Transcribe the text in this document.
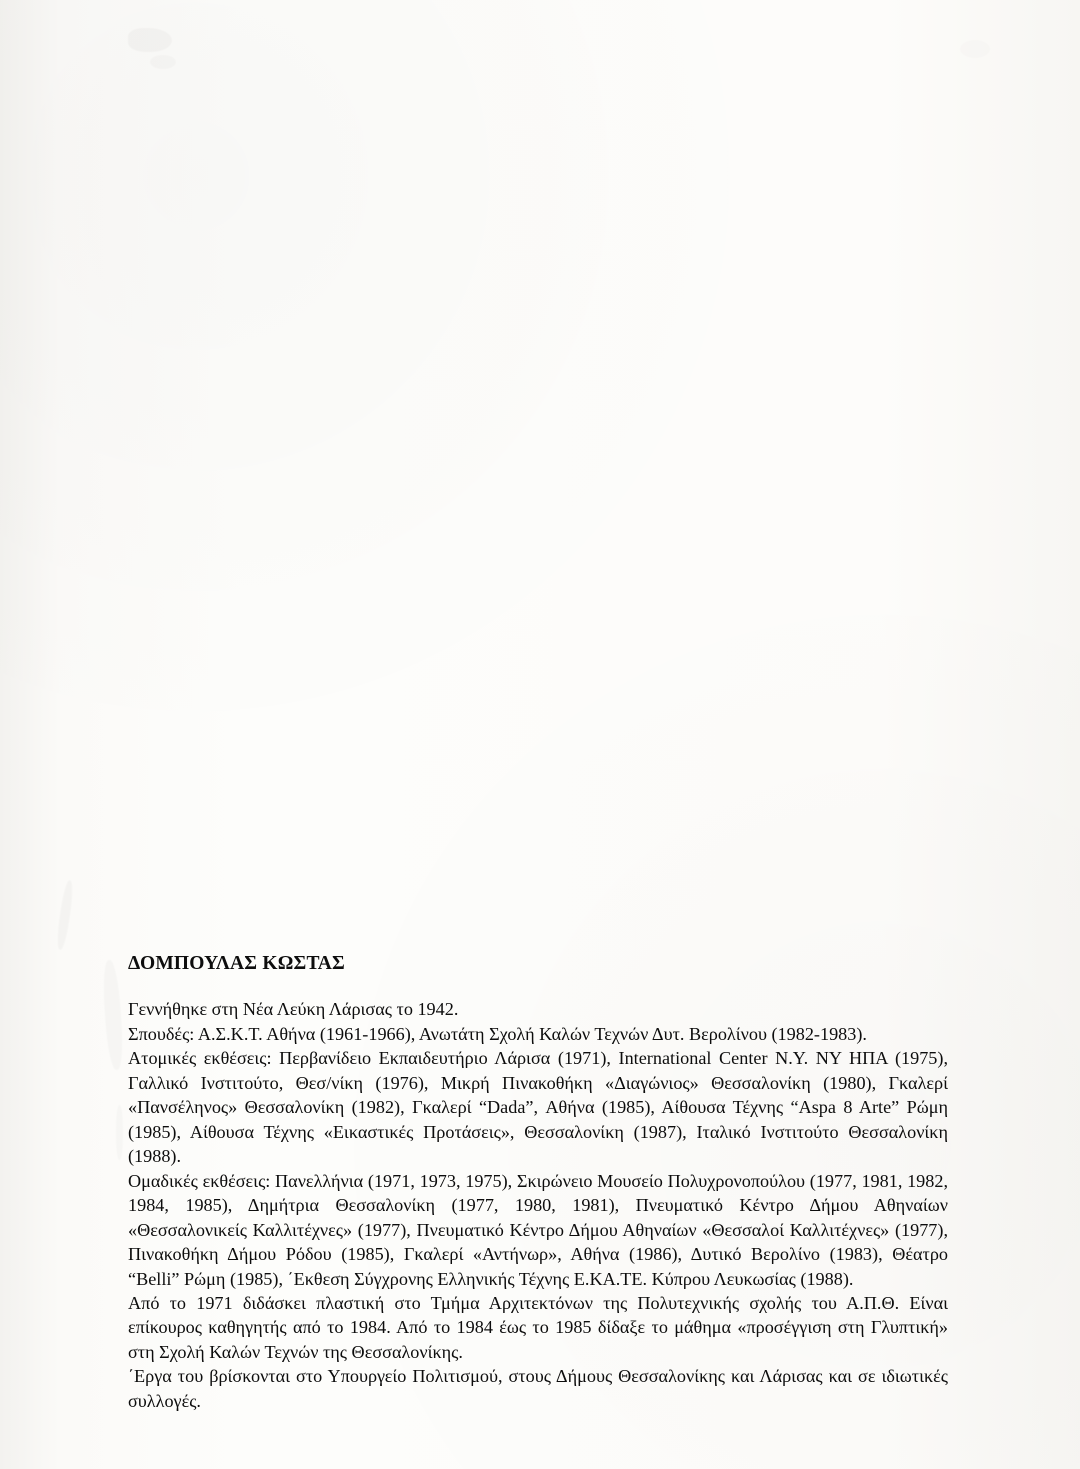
ΔΟΜΠΟΥΛΑΣ ΚΩΣΤΑΣ

Γεννήθηκε στη Νέα Λεύκη Λάρισας το 1942.

Σπουδές: Α.Σ.Κ.Τ. Αθήνα (1961-1966), Ανωτάτη Σχολή Καλών Τεχνών Δυτ. Βερολίνου (1982-1983).

Ατομικές εκθέσεις: Περβανίδειο Εκπαιδευτήριο Λάρισα (1971), International Center N.Y. ΝΥ ΗΠΑ (1975), Γαλλικό Ινστιτούτο, Θεσ/νίκη (1976), Μικρή Πινακοθήκη «Διαγώνιος» Θεσσαλονίκη (1980), Γκαλερί «Πανσέληνος» Θεσσαλονίκη (1982), Γκαλερί “Dada”, Αθήνα (1985), Αίθουσα Τέχνης “Aspa 8 Arte” Ρώμη (1985), Αίθουσα Τέχνης «Εικαστικές Προτάσεις», Θεσσαλονίκη (1987), Ιταλικό Ινστιτούτο Θεσσαλονίκη (1988).

Ομαδικές εκθέσεις: Πανελλήνια (1971, 1973, 1975), Σκιρώνειο Μουσείο Πολυχρονοπούλου (1977, 1981, 1982, 1984, 1985), Δημήτρια Θεσσαλονίκη (1977, 1980, 1981), Πνευματικό Κέντρο Δήμου Αθηναίων «Θεσσαλονικείς Καλλιτέχνες» (1977), Πνευματικό Κέντρο Δήμου Αθηναίων «Θεσσαλοί Καλλιτέχνες» (1977), Πινακοθήκη Δήμου Ρόδου (1985), Γκαλερί «Αντήνωρ», Αθήνα (1986), Δυτικό Βερολίνο (1983), Θέατρο “Belli” Ρώμη (1985), ΄Εκθεση Σύγχρονης Ελληνικής Τέχνης Ε.ΚΑ.ΤΕ. Κύπρου Λευκωσίας (1988).

Από το 1971 διδάσκει πλαστική στο Τμήμα Αρχιτεκτόνων της Πολυτεχνικής σχολής του Α.Π.Θ. Είναι επίκουρος καθηγητής από το 1984. Από το 1984 έως το 1985 δίδαξε το μάθημα «προσέγγιση στη Γλυπτική» στη Σχολή Καλών Τεχνών της Θεσσαλονίκης.

΄Εργα του βρίσκονται στο Υπουργείο Πολιτισμού, στους Δήμους Θεσσαλονίκης και Λάρισας και σε ιδιωτικές συλλογές.
